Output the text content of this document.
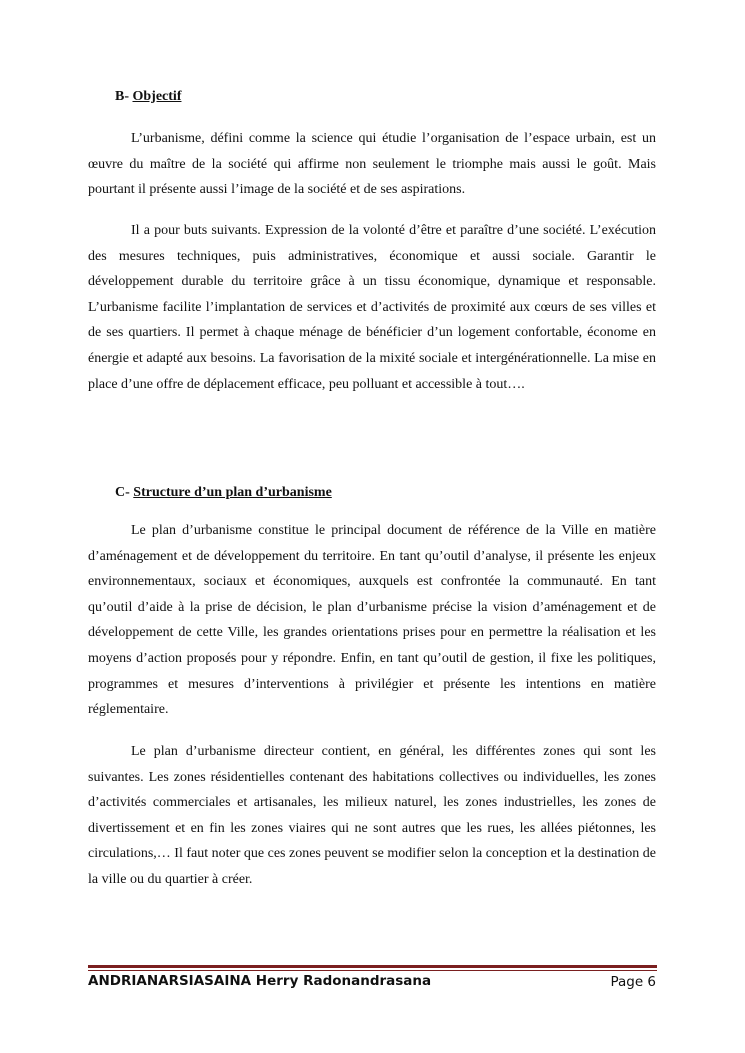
B- Objectif

L’urbanisme, défini comme la science qui étudie l’organisation de l’espace urbain, est un œuvre du maître de la société qui affirme non seulement le triomphe mais aussi le goût. Mais pourtant il présente aussi l’image de la société et de ses aspirations.

Il a pour buts suivants. Expression de la volonté d’être et paraître d’une société. L’exécution des mesures techniques, puis administratives, économique et aussi sociale. Garantir le développement durable du territoire grâce à un tissu économique, dynamique et responsable. L’urbanisme facilite l’implantation de services et d’activités de proximité aux cœurs de ses villes et de ses quartiers. Il permet à chaque ménage de bénéficier d’un logement confortable, économe en énergie et adapté aux besoins. La favorisation de la mixité sociale et intergénérationnelle. La mise en place d’une offre de déplacement efficace, peu polluant et accessible à tout….

C- Structure d’un plan d’urbanisme

Le plan d’urbanisme constitue le principal document de référence de la Ville en matière d’aménagement et de développement du territoire. En tant qu’outil d’analyse, il présente les enjeux environnementaux, sociaux et économiques, auxquels est confrontée la communauté. En tant qu’outil d’aide à la prise de décision, le plan d’urbanisme précise la vision d’aménagement et de développement de cette Ville, les grandes orientations prises pour en permettre la réalisation et les moyens d’action proposés pour y répondre. Enfin, en tant qu’outil de gestion, il fixe les politiques, programmes et mesures d’interventions à privilégier et présente les intentions en matière réglementaire.

Le plan d’urbanisme directeur contient, en général, les différentes zones qui sont les suivantes. Les zones résidentielles contenant des habitations collectives ou individuelles, les zones d’activités commerciales et artisanales, les milieux naturel, les zones industrielles, les zones de divertissement et en fin les zones viaires qui ne sont autres que les rues, les allées piétonnes, les circulations,… Il faut noter que ces zones peuvent se modifier selon la conception et la destination de la ville ou du quartier à créer.

ANDRIANARSIASAINA Herry Radonandrasana	Page 6
